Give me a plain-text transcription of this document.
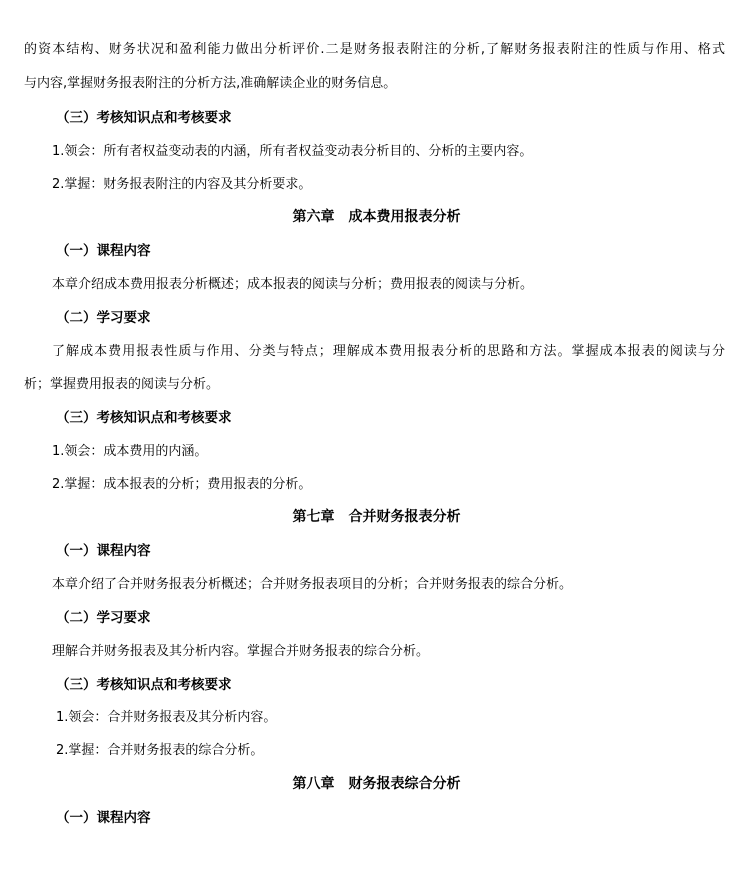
的资本结构、财务状况和盈利能力做出分析评价.二是财务报表附注的分析,了解财务报表附注的性质与作用、格式
与内容,掌握财务报表附注的分析方法,准确解读企业的财务信息。
（三）考核知识点和考核要求
1.领会：所有者权益变动表的内涵，所有者权益变动表分析目的、分析的主要内容。
2.掌握：财务报表附注的内容及其分析要求。
第六章　成本费用报表分析
（一）课程内容
本章介绍成本费用报表分析概述；成本报表的阅读与分析；费用报表的阅读与分析。
（二）学习要求
了解成本费用报表性质与作用、分类与特点；理解成本费用报表分析的思路和方法。掌握成本报表的阅读与分
析；掌握费用报表的阅读与分析。
（三）考核知识点和考核要求
1.领会：成本费用的内涵。
2.掌握：成本报表的分析；费用报表的分析。
第七章　合并财务报表分析
（一）课程内容
本章介绍了合并财务报表分析概述；合并财务报表项目的分析；合并财务报表的综合分析。
（二）学习要求
理解合并财务报表及其分析内容。掌握合并财务报表的综合分析。
（三）考核知识点和考核要求
1.领会：合并财务报表及其分析内容。
2.掌握：合并财务报表的综合分析。
第八章　财务报表综合分析
（一）课程内容
